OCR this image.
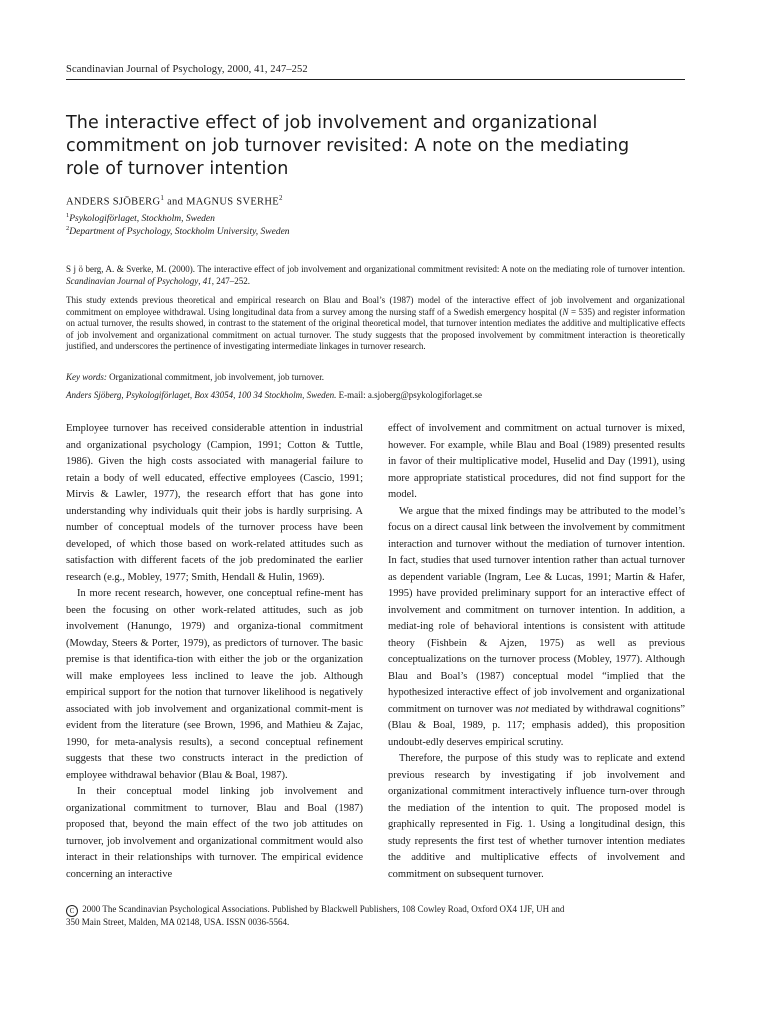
Scandinavian Journal of Psychology, 2000, 41, 247–252
The interactive effect of job involvement and organizational
commitment on job turnover revisited: A note on the mediating
role of turnover intention
ANDERS SJÖBERG$^1$ and MAGNUS SVERHE$^2$
$^1$Psykologiförlaget, Stockholm, Sweden
$^2$Department of Psychology, Stockholm University, Sweden
S j ö berg, A. & Sverke, M. (2000). The interactive effect of job involvement and organizational commitment revisited: A note on the mediating role of turnover intention. Scandinavian Journal of Psychology, 41, 247–252.
This study extends previous theoretical and empirical research on Blau and Boal’s (1987) model of the interactive effect of job involvement and organizational commitment on employee withdrawal. Using longitudinal data from a survey among the nursing staff of a Swedish emergency hospital (N = 535) and register information on actual turnover, the results showed, in contrast to the statement of the original theoretical model, that turnover intention mediates the additive and multiplicative effects of job involvement and organizational commitment on actual turnover. The study suggests that the proposed involvement by commitment interaction is theoretically justified, and underscores the pertinence of investigating intermediate linkages in turnover research.
Key words: Organizational commitment, job involvement, job turnover.
Anders Sjöberg, Psykologiförlaget, Box 43054, 100 34 Stockholm, Sweden. E-mail: a.sjoberg@psykologiforlaget.se

Employee turnover has received considerable attention in industrial and organizational psychology (Campion, 1991; Cotton & Tuttle, 1986). Given the high costs associated with managerial failure to retain a body of well educated, effective employees (Cascio, 1991; Mirvis & Lawler, 1977), the research effort that has gone into understanding why individuals quit their jobs is hardly surprising. A number of conceptual models of the turnover process have been developed, of which those based on work-related attitudes such as satisfaction with different facets of the job predominated the earlier research (e.g., Mobley, 1977; Smith, Hendall & Hulin, 1969).

In more recent research, however, one conceptual refine-ment has been the focusing on other work-related attitudes, such as job involvement (Hanungo, 1979) and organiza-tional commitment (Mowday, Steers & Porter, 1979), as predictors of turnover. The basic premise is that identifica-tion with either the job or the organization will make employees less inclined to leave the job. Although empirical support for the notion that turnover likelihood is negatively associated with job involvement and organizational commit-ment is evident from the literature (see Brown, 1996, and Mathieu & Zajac, 1990, for meta-analysis results), a second conceptual refinement suggests that these two constructs interact in the prediction of employee withdrawal behavior (Blau & Boal, 1987).

In their conceptual model linking job involvement and organizational commitment to turnover, Blau and Boal (1987) proposed that, beyond the main effect of the two job attitudes on turnover, job involvement and organizational commitment would also interact in their relationships with turnover. The empirical evidence concerning an interactive

effect of involvement and commitment on actual turnover is mixed, however. For example, while Blau and Boal (1989) presented results in favor of their multiplicative model, Huselid and Day (1991), using more appropriate statistical procedures, did not find support for the model.

We argue that the mixed findings may be attributed to the model’s focus on a direct causal link between the involvement by commitment interaction and turnover without the mediation of turnover intention. In fact, studies that used turnover intention rather than actual turnover as dependent variable (Ingram, Lee & Lucas, 1991; Martin & Hafer, 1995) have provided preliminary support for an interactive effect of involvement and commitment on turnover intention. In addition, a mediat-ing role of behavioral intentions is consistent with attitude theory (Fishbein & Ajzen, 1975) as well as previous conceptualizations on the turnover process (Mobley, 1977). Although Blau and Boal’s (1987) conceptual model “implied that the hypothesized interactive effect of job involvement and organizational commitment on turnover was not mediated by withdrawal cognitions” (Blau & Boal, 1989, p. 117; emphasis added), this proposition undoubt-edly deserves empirical scrutiny.

Therefore, the purpose of this study was to replicate and extend previous research by investigating if job involvement and organizational commitment interactively influence turn-over through the mediation of the intention to quit. The proposed model is graphically represented in Fig. 1. Using a longitudinal design, this study represents the first test of whether turnover intention mediates the additive and multiplicative effects of involvement and commitment on subsequent turnover.

C 2000 The Scandinavian Psychological Associations. Published by Blackwell Publishers, 108 Cowley Road, Oxford OX4 1JF, UH and
350 Main Street, Malden, MA 02148, USA. ISSN 0036-5564.
